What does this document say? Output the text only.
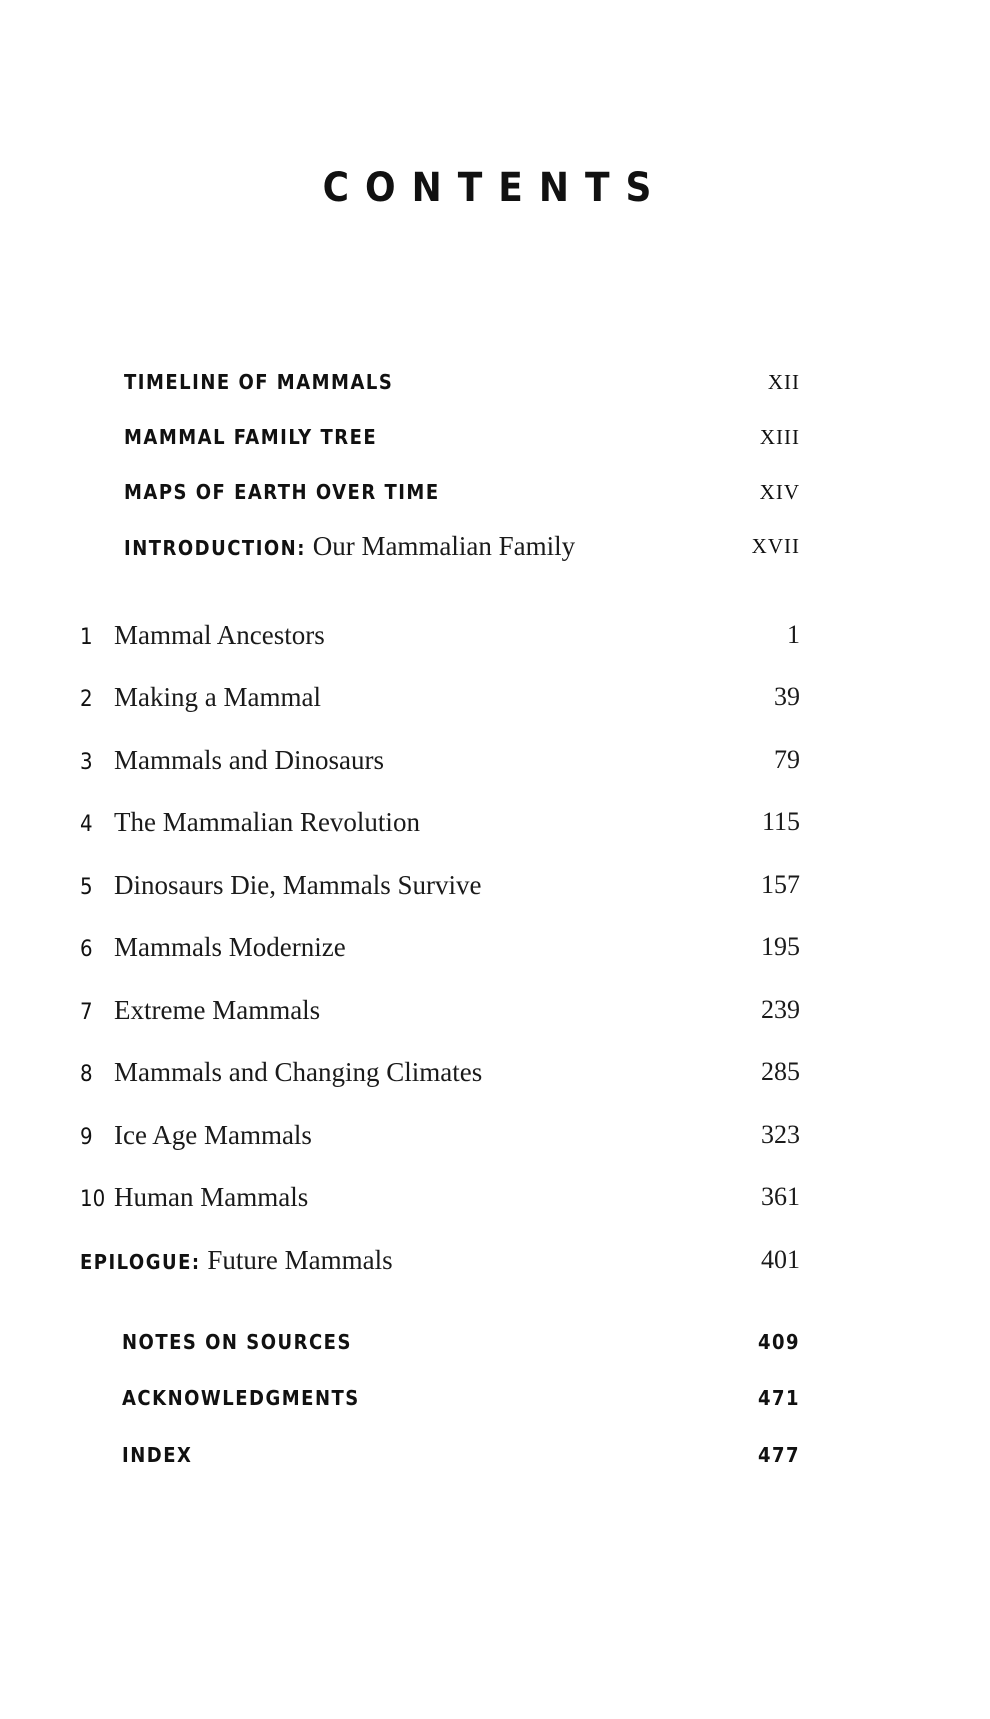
CONTENTS
TIMELINE OF MAMMALS	XII
MAMMAL FAMILY TREE	XIII
MAPS OF EARTH OVER TIME	XIV
INTRODUCTION: Our Mammalian Family	XVII
1 Mammal Ancestors	1
2 Making a Mammal	39
3 Mammals and Dinosaurs	79
4 The Mammalian Revolution	115
5 Dinosaurs Die, Mammals Survive	157
6 Mammals Modernize	195
7 Extreme Mammals	239
8 Mammals and Changing Climates	285
9 Ice Age Mammals	323
10 Human Mammals	361
EPILOGUE: Future Mammals	401
NOTES ON SOURCES	409
ACKNOWLEDGMENTS	471
INDEX	477
